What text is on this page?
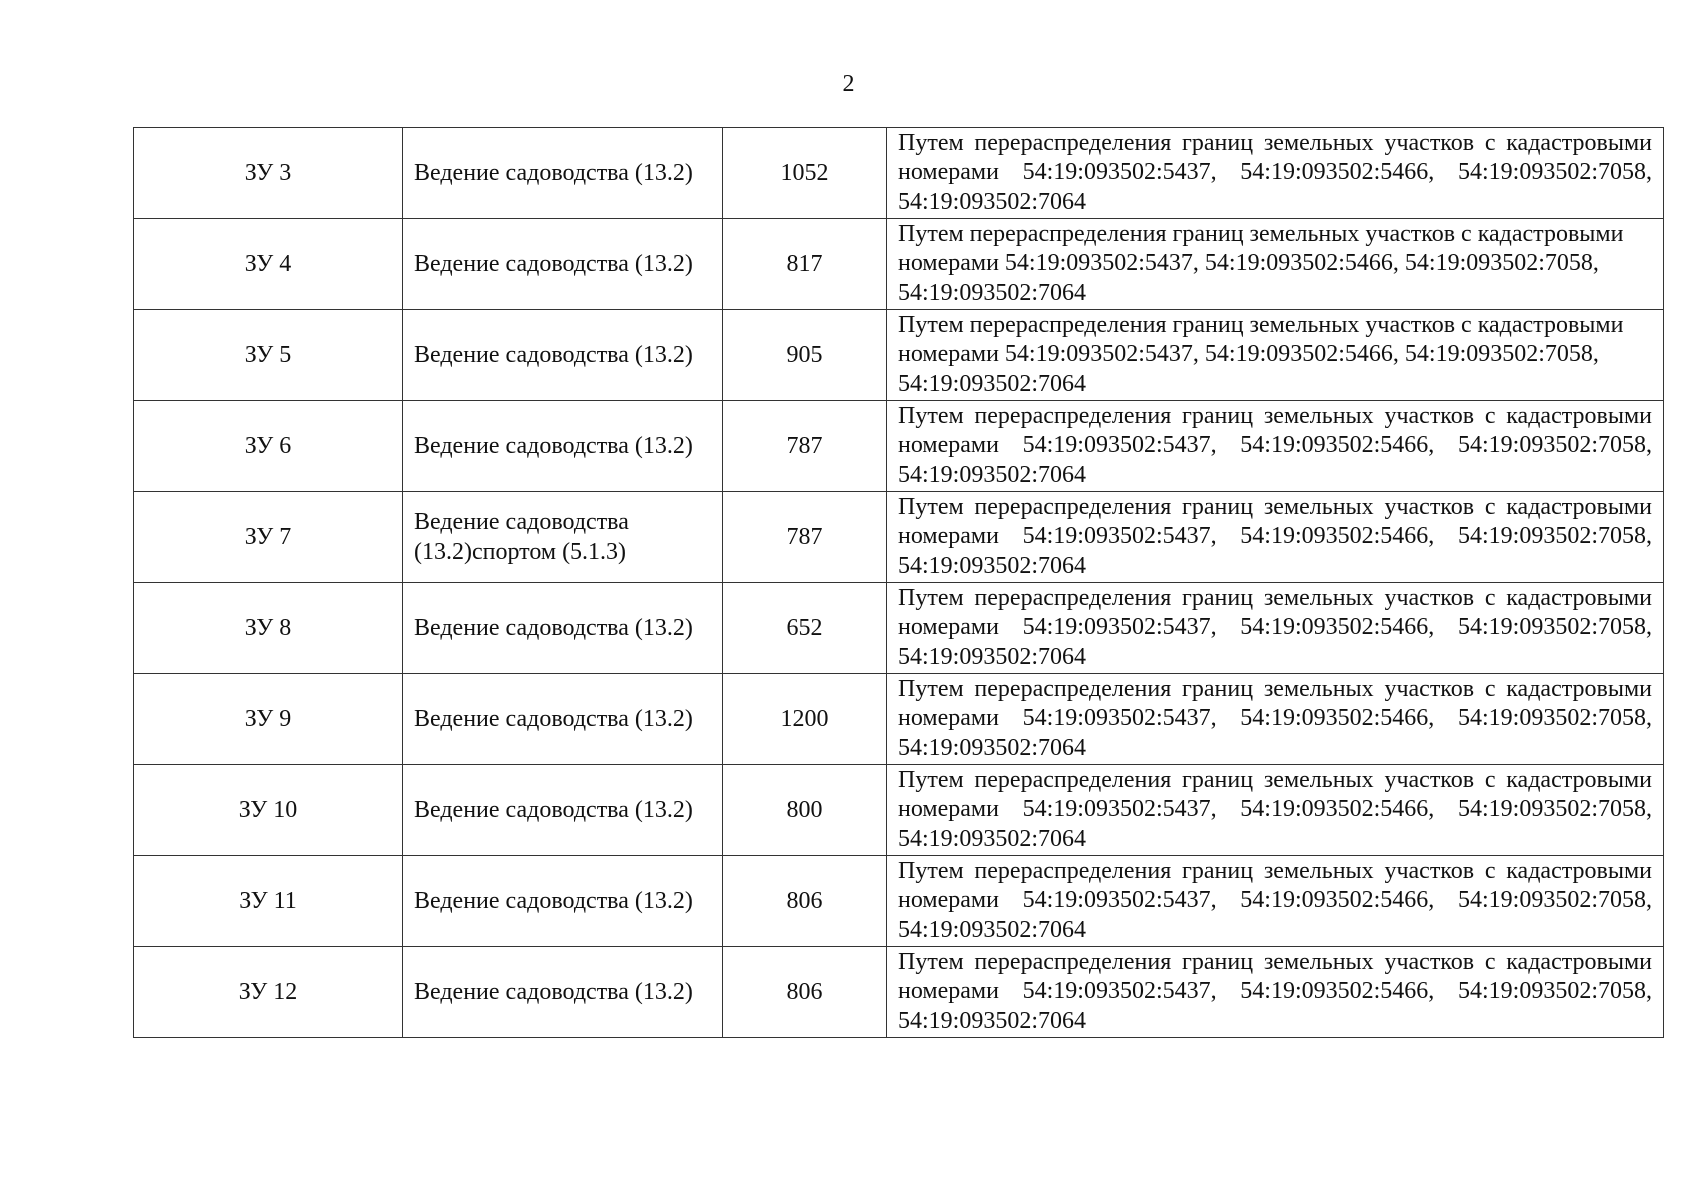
2
ЗУ 3	Ведение садоводства (13.2)	1052	Путем перераспределения границ земельных участков с кадастровыми номерами 54:19:093502:5437, 54:19:093502:5466, 54:19:093502:7058, 54:19:093502:7064
ЗУ 4	Ведение садоводства (13.2)	817	Путем перераспределения границ земельных участков с кадастровыми номерами 54:19:093502:5437, 54:19:093502:5466, 54:19:093502:7058, 54:19:093502:7064
ЗУ 5	Ведение садоводства (13.2)	905	Путем перераспределения границ земельных участков с кадастровыми номерами 54:19:093502:5437, 54:19:093502:5466, 54:19:093502:7058, 54:19:093502:7064
ЗУ 6	Ведение садоводства (13.2)	787	Путем перераспределения границ земельных участков с кадастровыми номерами 54:19:093502:5437, 54:19:093502:5466, 54:19:093502:7058, 54:19:093502:7064
ЗУ 7	Ведение садоводства (13.2)спортом (5.1.3)	787	Путем перераспределения границ земельных участков с кадастровыми номерами 54:19:093502:5437, 54:19:093502:5466, 54:19:093502:7058, 54:19:093502:7064
ЗУ 8	Ведение садоводства (13.2)	652	Путем перераспределения границ земельных участков с кадастровыми номерами 54:19:093502:5437, 54:19:093502:5466, 54:19:093502:7058, 54:19:093502:7064
ЗУ 9	Ведение садоводства (13.2)	1200	Путем перераспределения границ земельных участков с кадастровыми номерами 54:19:093502:5437, 54:19:093502:5466, 54:19:093502:7058, 54:19:093502:7064
ЗУ 10	Ведение садоводства (13.2)	800	Путем перераспределения границ земельных участков с кадастровыми номерами 54:19:093502:5437, 54:19:093502:5466, 54:19:093502:7058, 54:19:093502:7064
ЗУ 11	Ведение садоводства (13.2)	806	Путем перераспределения границ земельных участков с кадастровыми номерами 54:19:093502:5437, 54:19:093502:5466, 54:19:093502:7058, 54:19:093502:7064
ЗУ 12	Ведение садоводства (13.2)	806	Путем перераспределения границ земельных участков с кадастровыми номерами 54:19:093502:5437, 54:19:093502:5466, 54:19:093502:7058, 54:19:093502:7064
